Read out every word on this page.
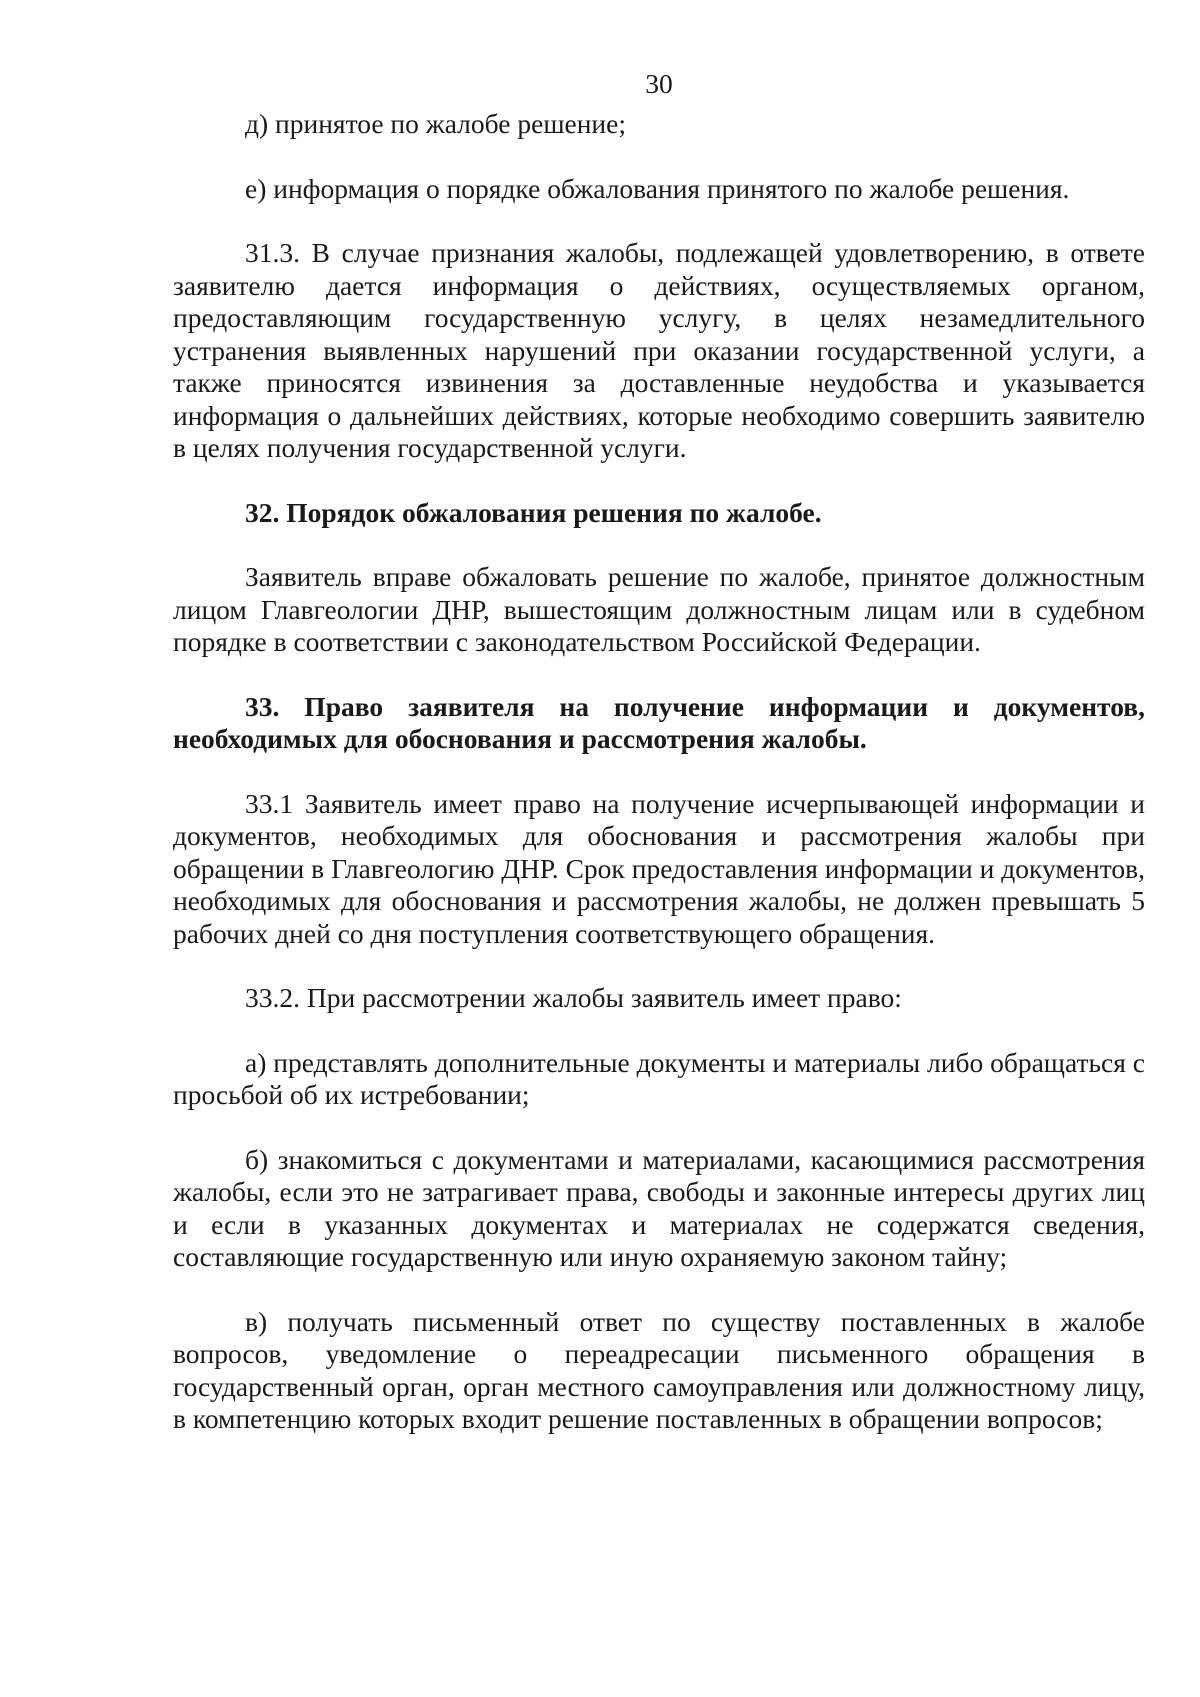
30

д) принятое по жалобе решение;

е) информация о порядке обжалования принятого по жалобе решения.

31.3. В случае признания жалобы, подлежащей удовлетворению, в ответе заявителю дается информация о действиях, осуществляемых органом, предоставляющим государственную услугу, в целях незамедлительного устранения выявленных нарушений при оказании государственной услуги, а также приносятся извинения за доставленные неудобства и указывается информация о дальнейших действиях, которые необходимо совершить заявителю в целях получения государственной услуги.

32. Порядок обжалования решения по жалобе.

Заявитель вправе обжаловать решение по жалобе, принятое должностным лицом Главгеологии ДНР, вышестоящим должностным лицам или в судебном порядке в соответствии с законодательством Российской Федерации.

33. Право заявителя на получение информации и документов, необходимых для обоснования и рассмотрения жалобы.

33.1 Заявитель имеет право на получение исчерпывающей информации и документов, необходимых для обоснования и рассмотрения жалобы при обращении в Главгеологию ДНР. Срок предоставления информации и документов, необходимых для обоснования и рассмотрения жалобы, не должен превышать 5 рабочих дней со дня поступления соответствующего обращения.

33.2. При рассмотрении жалобы заявитель имеет право:

а) представлять дополнительные документы и материалы либо обращаться с просьбой об их истребовании;

б) знакомиться с документами и материалами, касающимися рассмотрения жалобы, если это не затрагивает права, свободы и законные интересы других лиц и если в указанных документах и материалах не содержатся сведения, составляющие государственную или иную охраняемую законом тайну;

в) получать письменный ответ по существу поставленных в жалобе вопросов, уведомление о переадресации письменного обращения в государственный орган, орган местного самоуправления или должностному лицу, в компетенцию которых входит решение поставленных в обращении вопросов;
